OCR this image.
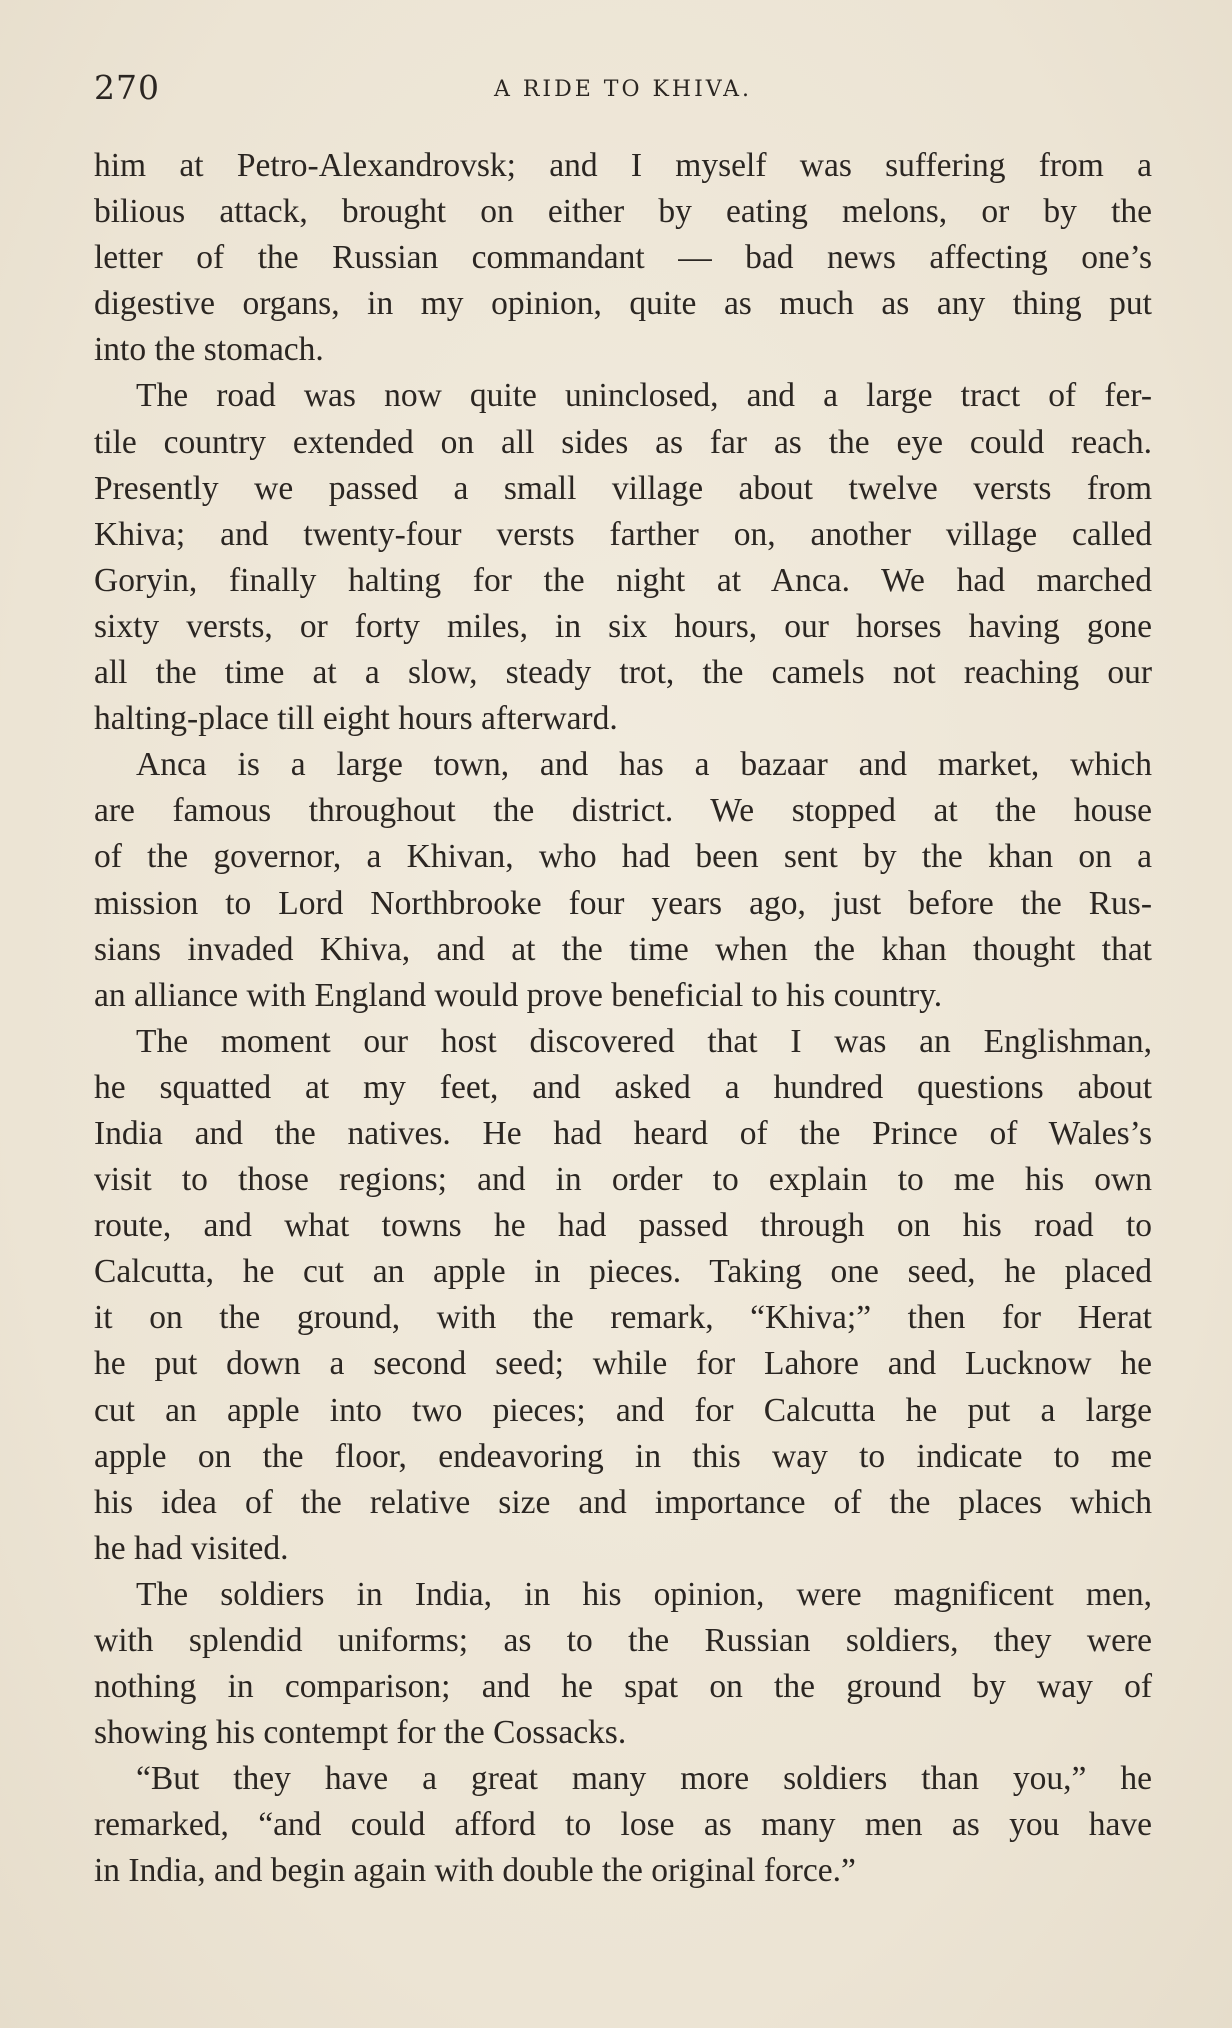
270	A RIDE TO KHIVA.
him at Petro-Alexandrovsk; and I myself was suffering from a
bilious attack, brought on either by eating melons, or by the
letter of the Russian commandant — bad news affecting one’s
digestive organs, in my opinion, quite as much as any thing put
into the stomach.
The road was now quite uninclosed, and a large tract of fer-
tile country extended on all sides as far as the eye could reach.
Presently we passed a small village about twelve versts from
Khiva; and twenty-four versts farther on, another village called
Goryin, finally halting for the night at Anca. We had marched
sixty versts, or forty miles, in six hours, our horses having gone
all the time at a slow, steady trot, the camels not reaching our
halting-place till eight hours afterward.
Anca is a large town, and has a bazaar and market, which
are famous throughout the district. We stopped at the house
of the governor, a Khivan, who had been sent by the khan on a
mission to Lord Northbrooke four years ago, just before the Rus-
sians invaded Khiva, and at the time when the khan thought that
an alliance with England would prove beneficial to his country.
The moment our host discovered that I was an Englishman,
he squatted at my feet, and asked a hundred questions about
India and the natives. He had heard of the Prince of Wales’s
visit to those regions; and in order to explain to me his own
route, and what towns he had passed through on his road to
Calcutta, he cut an apple in pieces. Taking one seed, he placed
it on the ground, with the remark, “Khiva;” then for Herat
he put down a second seed; while for Lahore and Lucknow he
cut an apple into two pieces; and for Calcutta he put a large
apple on the floor, endeavoring in this way to indicate to me
his idea of the relative size and importance of the places which
he had visited.
The soldiers in India, in his opinion, were magnificent men,
with splendid uniforms; as to the Russian soldiers, they were
nothing in comparison; and he spat on the ground by way of
showing his contempt for the Cossacks.
“But they have a great many more soldiers than you,” he
remarked, “and could afford to lose as many men as you have
in India, and begin again with double the original force.”
